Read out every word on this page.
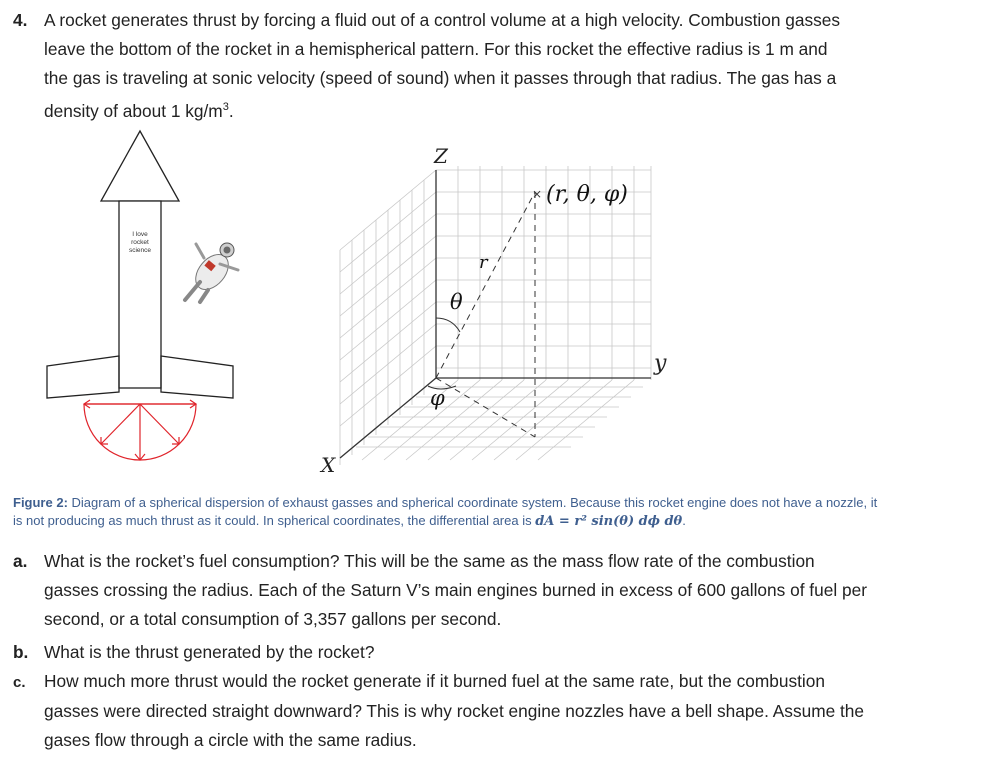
4. A rocket generates thrust by forcing a fluid out of a control volume at a high velocity. Combustion gasses
leave the bottom of the rocket in a hemispherical pattern. For this rocket the effective radius is 1 m and
the gas is traveling at sonic velocity (speed of sound) when it passes through that radius. The gas has a
density of about 1 $kg/m^3$.
I love
rocket
science
Z
y
X
× (r, θ, φ)
r
θ
φ
Figure 2: Diagram of a spherical dispersion of exhaust gasses and spherical coordinate system. Because this rocket engine does not have a nozzle, it
is not producing as much thrust as it could. In spherical coordinates, the differential area is dA = r² sin(θ) dϕ dθ.
a. What is the rocket’s fuel consumption? This will be the same as the mass flow rate of the combustion
gasses crossing the radius. Each of the Saturn V’s main engines burned in excess of 600 gallons of fuel per
second, or a total consumption of 3,357 gallons per second.
b. What is the thrust generated by the rocket?
c. How much more thrust would the rocket generate if it burned fuel at the same rate, but the combustion
gasses were directed straight downward? This is why rocket engine nozzles have a bell shape. Assume the
gases flow through a circle with the same radius.
